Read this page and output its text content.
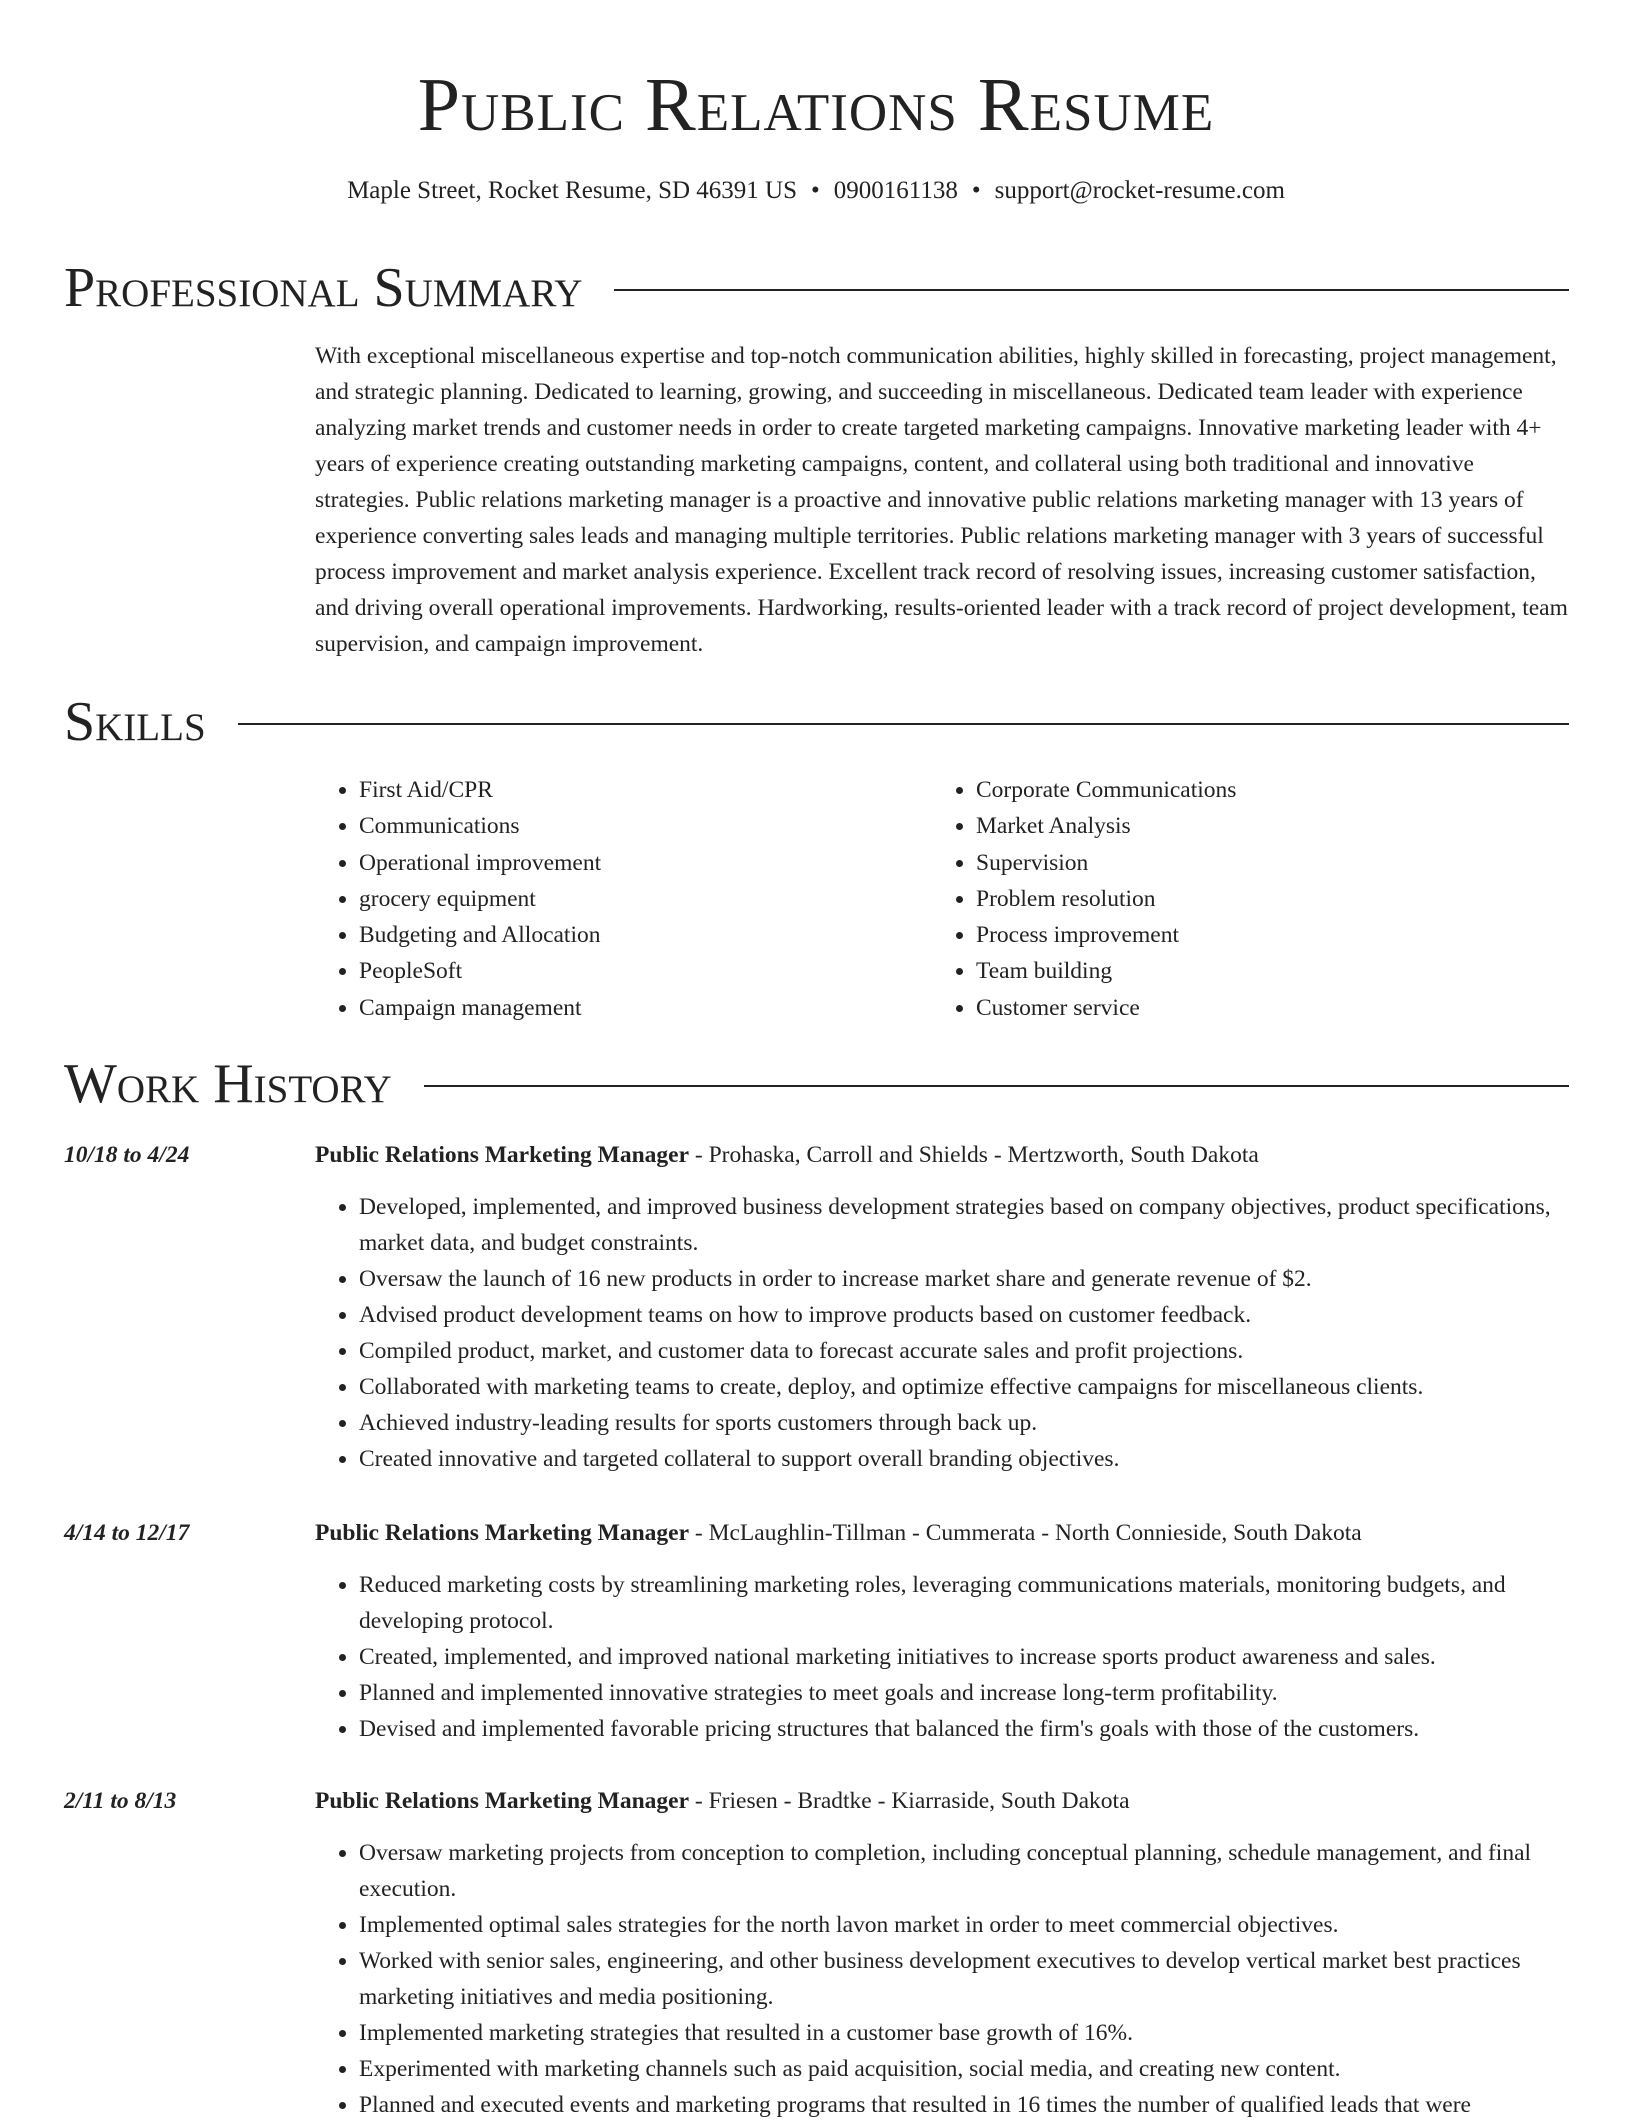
Public Relations Resume
Maple Street, Rocket Resume, SD 46391 US • 0900161138 • support@rocket-resume.com
Professional Summary
With exceptional miscellaneous expertise and top-notch communication abilities, highly skilled in forecasting, project management, and strategic planning. Dedicated to learning, growing, and succeeding in miscellaneous. Dedicated team leader with experience analyzing market trends and customer needs in order to create targeted marketing campaigns. Innovative marketing leader with 4+ years of experience creating outstanding marketing campaigns, content, and collateral using both traditional and innovative strategies. Public relations marketing manager is a proactive and innovative public relations marketing manager with 13 years of experience converting sales leads and managing multiple territories. Public relations marketing manager with 3 years of successful process improvement and market analysis experience. Excellent track record of resolving issues, increasing customer satisfaction, and driving overall operational improvements. Hardworking, results-oriented leader with a track record of project development, team supervision, and campaign improvement.
Skills
• First Aid/CPR
• Communications
• Operational improvement
• grocery equipment
• Budgeting and Allocation
• PeopleSoft
• Campaign management
• Corporate Communications
• Market Analysis
• Supervision
• Problem resolution
• Process improvement
• Team building
• Customer service
Work History
10/18 to 4/24	Public Relations Marketing Manager - Prohaska, Carroll and Shields - Mertzworth, South Dakota
• Developed, implemented, and improved business development strategies based on company objectives, product specifications, market data, and budget constraints.
• Oversaw the launch of 16 new products in order to increase market share and generate revenue of $2.
• Advised product development teams on how to improve products based on customer feedback.
• Compiled product, market, and customer data to forecast accurate sales and profit projections.
• Collaborated with marketing teams to create, deploy, and optimize effective campaigns for miscellaneous clients.
• Achieved industry-leading results for sports customers through back up.
• Created innovative and targeted collateral to support overall branding objectives.
4/14 to 12/17	Public Relations Marketing Manager - McLaughlin-Tillman - Cummerata - North Connieside, South Dakota
• Reduced marketing costs by streamlining marketing roles, leveraging communications materials, monitoring budgets, and developing protocol.
• Created, implemented, and improved national marketing initiatives to increase sports product awareness and sales.
• Planned and implemented innovative strategies to meet goals and increase long-term profitability.
• Devised and implemented favorable pricing structures that balanced the firm's goals with those of the customers.
2/11 to 8/13	Public Relations Marketing Manager - Friesen - Bradtke - Kiarraside, South Dakota
• Oversaw marketing projects from conception to completion, including conceptual planning, schedule management, and final execution.
• Implemented optimal sales strategies for the north lavon market in order to meet commercial objectives.
• Worked with senior sales, engineering, and other business development executives to develop vertical market best practices marketing initiatives and media positioning.
• Implemented marketing strategies that resulted in a customer base growth of 16%.
• Experimented with marketing channels such as paid acquisition, social media, and creating new content.
• Planned and executed events and marketing programs that resulted in 16 times the number of qualified leads that were
